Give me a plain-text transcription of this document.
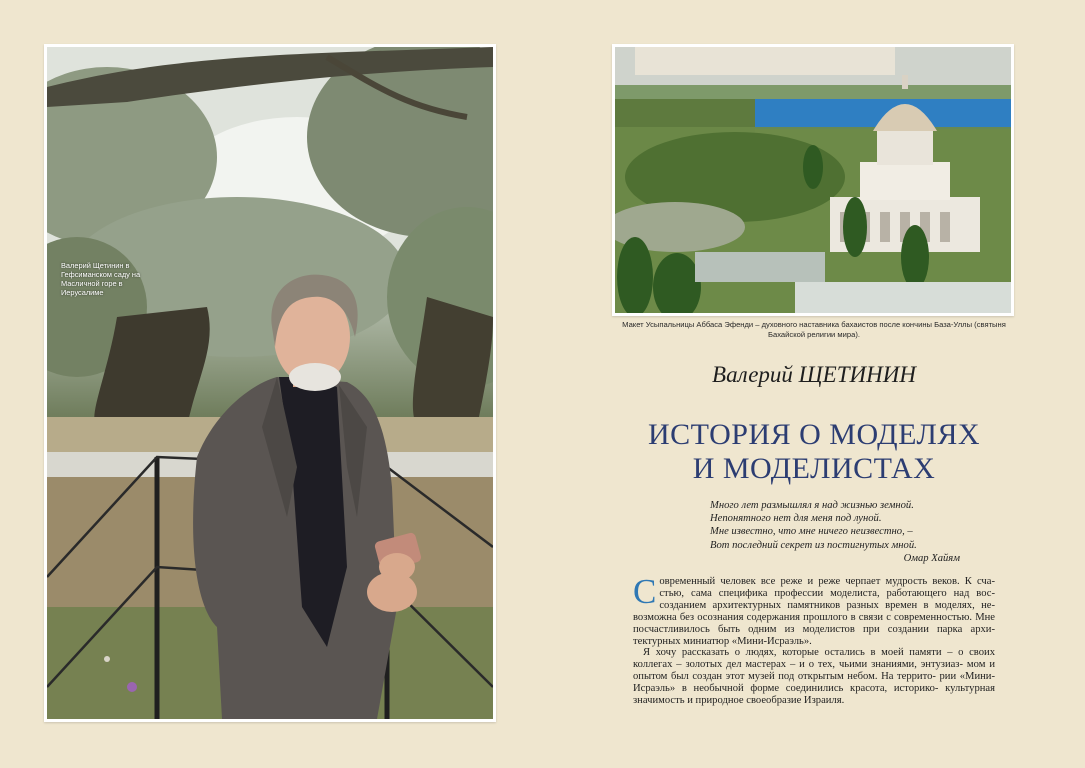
Валерий Щетинин в Гефсиманском саду на Масличной горе в Иерусалиме
Макет Усыпальницы Аббаса Эфенди – духовного наставника бахаистов после кончины База-Уллы (святыня Бахайской религии мира).
Валерий ЩЕТИНИН
ИСТОРИЯ О МОДЕЛЯХ
И МОДЕЛИСТАХ
Много лет размышлял я над жизнью земной.
Непонятного нет для меня под луной.
Мне известно, что мне ничего неизвестно, –
Вот последний секрет из постигнутых мной.
Омар Хайям

Современный человек все реже и реже черпает мудрость веков. К сча- стью, сама специфика профессии моделиста, работающего над вос- созданием архитектурных памятников разных времен в моделях, не- возможна без осознания содержания прошлого в связи с современностью. Мне посчастливилось быть одним из моделистов при создании парка архи- тектурных миниатюр «Мини-Исраэль».

Я хочу рассказать о людях, которые остались в моей памяти – о своих коллегах – золотых дел мастерах – и о тех, чьими знаниями, энтузиаз- мом и опытом был создан этот музей под открытым небом. На террито- рии «Мини-Исраэль» в необычной форме соединились красота, историко- культурная значимость и природное своеобразие Израиля.
